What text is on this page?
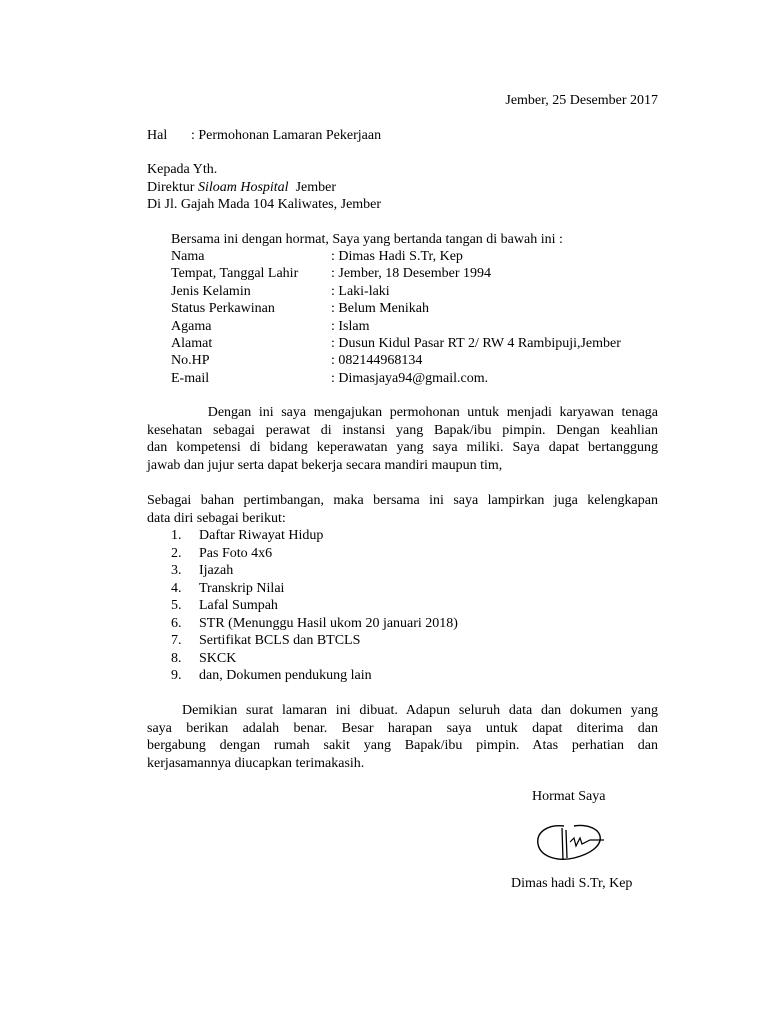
Jember, 25 Desember 2017
Hal : Permohonan Lamaran Pekerjaan
Kepada Yth.
Direktur Siloam Hospital  Jember
Di Jl. Gajah Mada 104 Kaliwates, Jember
Bersama ini dengan hormat, Saya yang bertanda tangan di bawah ini :
Nama	: Dimas Hadi S.Tr, Kep
Tempat, Tanggal Lahir	: Jember, 18 Desember 1994
Jenis Kelamin	: Laki-laki
Status Perkawinan	: Belum Menikah
Agama	: Islam
Alamat	: Dusun Kidul Pasar RT 2/ RW 4 Rambipuji,Jember
No.HP	: 082144968134
E-mail	: Dimasjaya94@gmail.com.
Dengan ini saya mengajukan permohonan untuk menjadi karyawan tenaga
kesehatan sebagai perawat di instansi yang Bapak/ibu pimpin. Dengan keahlian
dan kompetensi di bidang keperawatan yang saya miliki. Saya dapat bertanggung
jawab dan jujur serta dapat bekerja secara mandiri maupun tim,
Sebagai bahan pertimbangan, maka bersama ini saya lampirkan juga kelengkapan
data diri sebagai berikut:
1.	Daftar Riwayat Hidup
2.	Pas Foto 4x6
3.	Ijazah
4.	Transkrip Nilai
5.	Lafal Sumpah
6.	STR (Menunggu Hasil ukom 20 januari 2018)
7.	Sertifikat BCLS dan BTCLS
8.	SKCK
9.	dan, Dokumen pendukung lain
Demikian surat lamaran ini dibuat. Adapun seluruh data dan dokumen yang
saya berikan adalah benar. Besar harapan saya untuk dapat diterima dan
bergabung dengan rumah sakit yang Bapak/ibu pimpin. Atas perhatian dan
kerjasamannya diucapkan terimakasih.
Hormat Saya
Dimas hadi S.Tr, Kep
